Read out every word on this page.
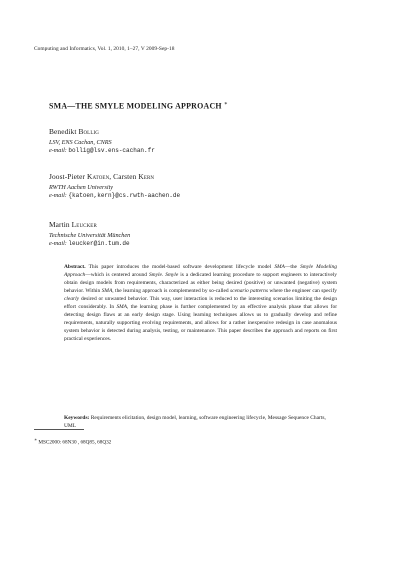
Computing and Informatics, Vol. 1, 2010, 1–27, V 2009-Sep-18
SMA—THE SMYLE MODELING APPROACH ∗
Benedikt Bollig
LSV, ENS Cachan, CNRS
e-mail: bollig@lsv.ens-cachan.fr
Joost-Pieter Katoen, Carsten Kern
RWTH Aachen University
e-mail: {katoen,kern}@cs.rwth-aachen.de
Martin Leucker
Technische Universität München
e-mail: leucker@in.tum.de

Abstract. This paper introduces the model-based software development lifecycle model SMA—the Smyle Modeling Approach—which is centered around Smyle. Smyle is a dedicated learning procedure to support engineers to interactively obtain design models from requirements, characterized as either being desired (positive) or unwanted (negative) system behavior. Within SMA, the learning approach is complemented by so-called scenario patterns where the engineer can specify clearly desired or unwanted behavior. This way, user interaction is reduced to the interesting scenarios limiting the design effort considerably. In SMA, the learning phase is further complemented by an effective analysis phase that allows for detecting design flaws at an early design stage. Using learning techniques allows us to gradually develop and refine requirements, naturally supporting evolving requirements, and allows for a rather inexpensive redesign in case anomalous system behavior is detected during analysis, testing, or maintenance. This paper describes the approach and reports on first practical experiences.

Keywords: Requirements elicitation, design model, learning, software engineering lifecycle, Message Sequence Charts, UML

∗ MSC2000: 68N30 , 68Q85, 68Q32
